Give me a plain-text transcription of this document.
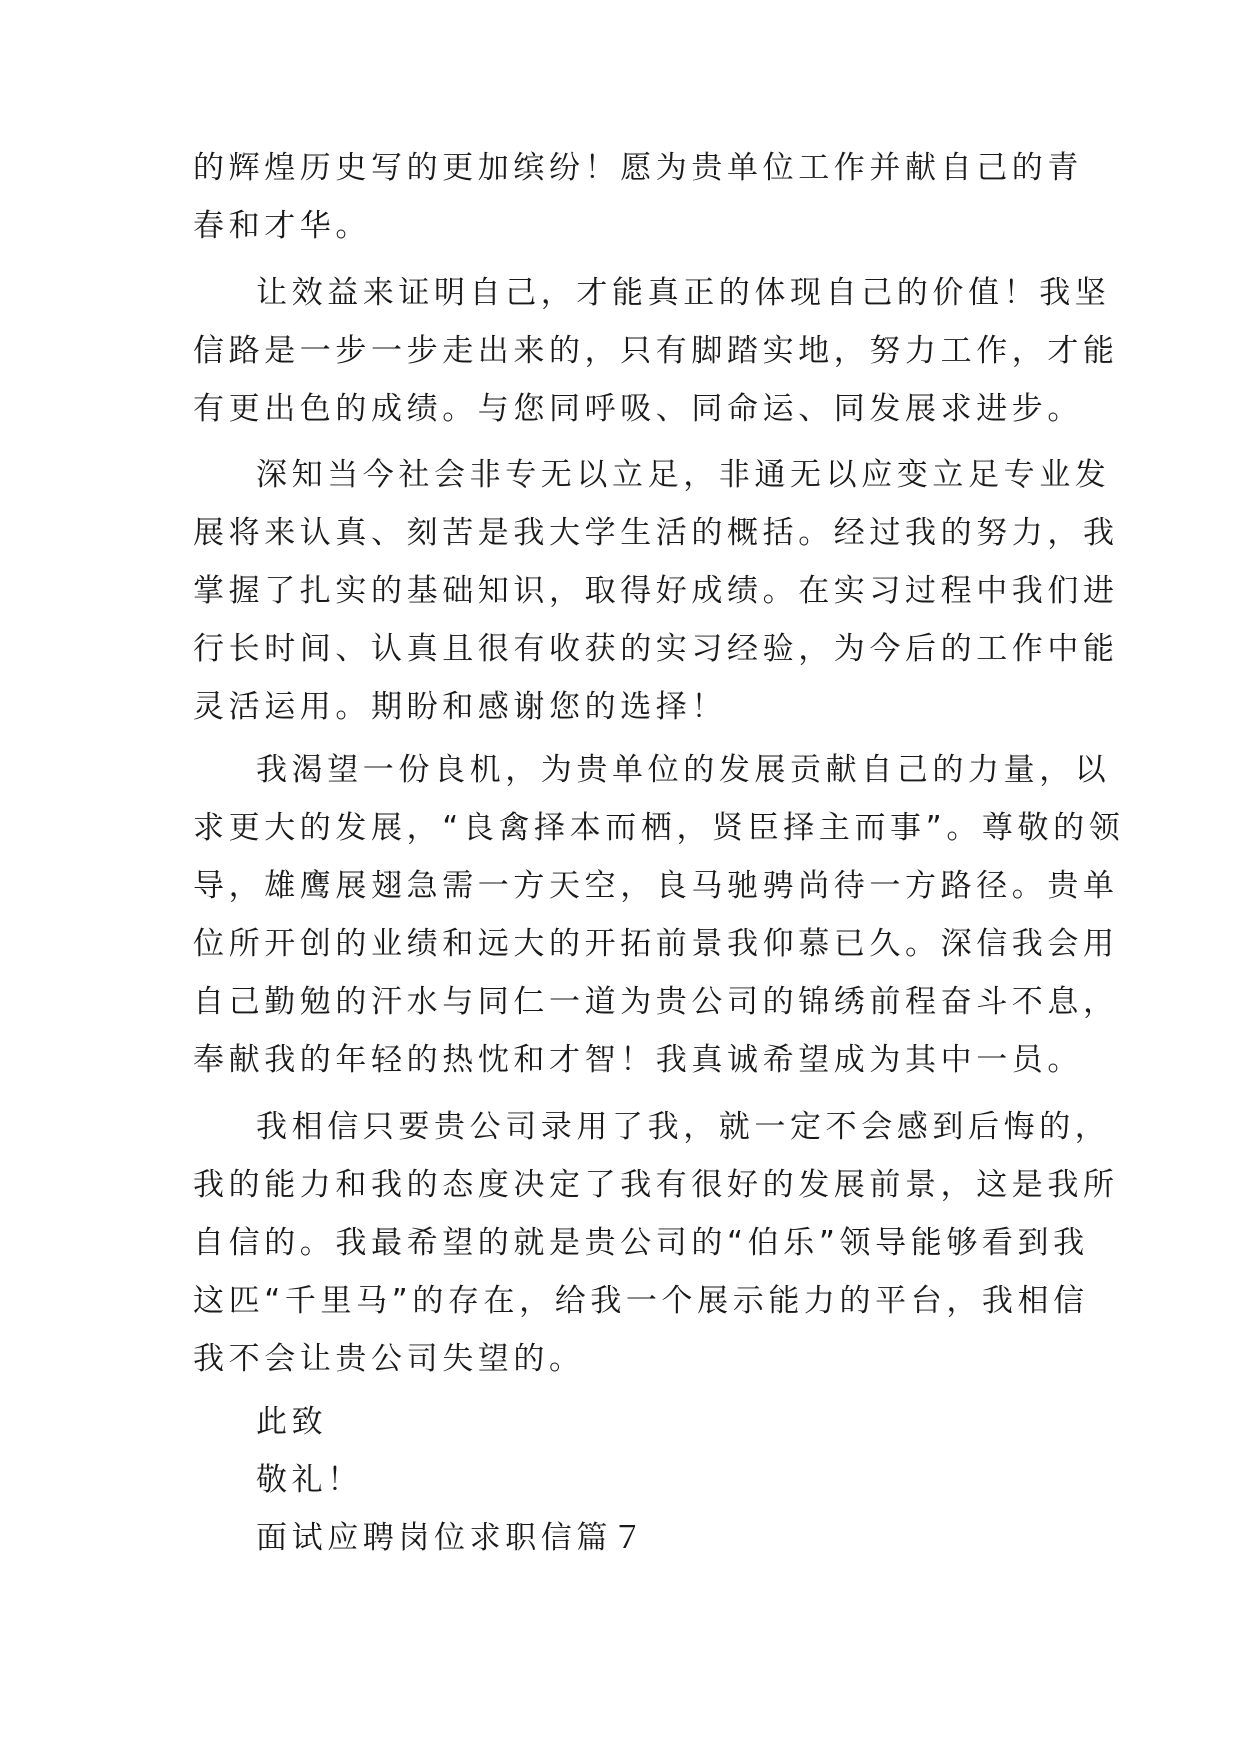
的辉煌历史写的更加缤纷！愿为贵单位工作并献自己的青
春和才华。
让效益来证明自己，才能真正的体现自己的价值！我坚
信路是一步一步走出来的，只有脚踏实地，努力工作，才能
有更出色的成绩。与您同呼吸、同命运、同发展求进步。
深知当今社会非专无以立足，非通无以应变立足专业发
展将来认真、刻苦是我大学生活的概括。经过我的努力，我
掌握了扎实的基础知识，取得好成绩。在实习过程中我们进
行长时间、认真且很有收获的实习经验，为今后的工作中能
灵活运用。期盼和感谢您的选择！
我渴望一份良机，为贵单位的发展贡献自己的力量，以
求更大的发展，“良禽择本而栖，贤臣择主而事”。尊敬的领
导，雄鹰展翅急需一方天空，良马驰骋尚待一方路径。贵单
位所开创的业绩和远大的开拓前景我仰慕已久。深信我会用
自己勤勉的汗水与同仁一道为贵公司的锦绣前程奋斗不息，
奉献我的年轻的热忱和才智！我真诚希望成为其中一员。
我相信只要贵公司录用了我，就一定不会感到后悔的，
我的能力和我的态度决定了我有很好的发展前景，这是我所
自信的。我最希望的就是贵公司的“伯乐”领导能够看到我
这匹“千里马”的存在，给我一个展示能力的平台，我相信
我不会让贵公司失望的。
此致
敬礼！
面试应聘岗位求职信篇７
